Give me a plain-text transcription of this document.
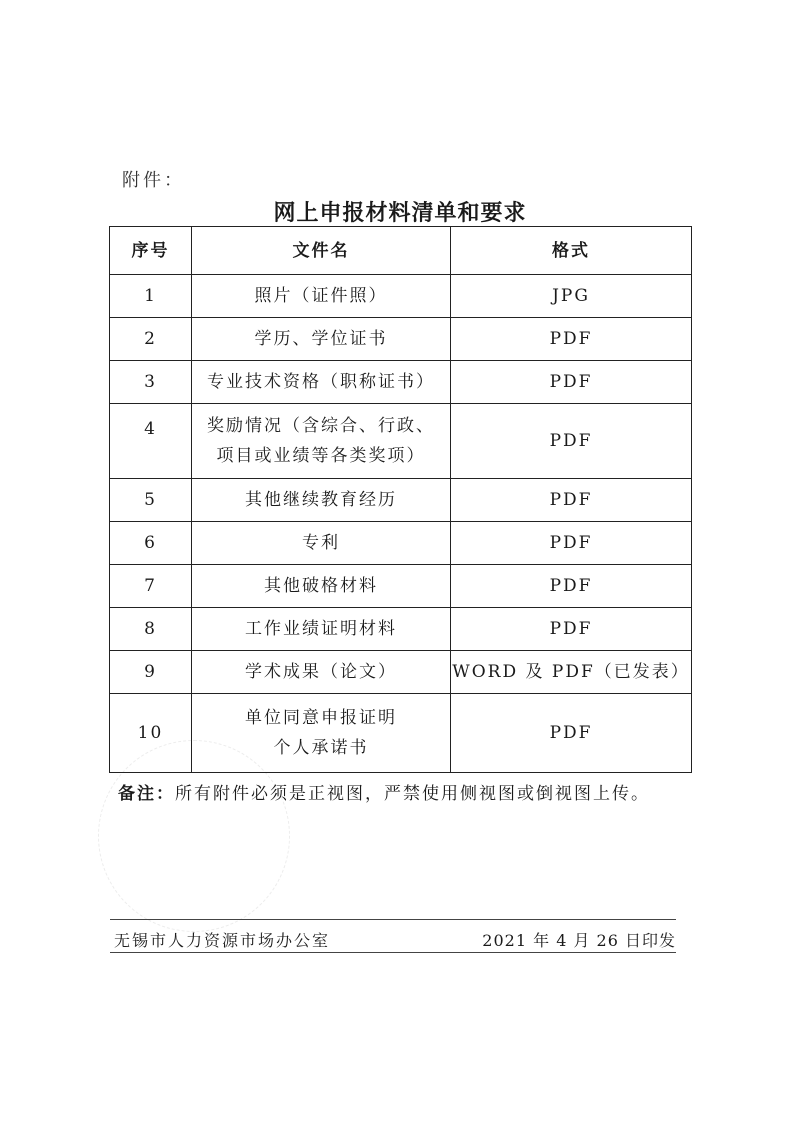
附件：
网上申报材料清单和要求
序号	文件名	格式
1	照片（证件照）	JPG
2	学历、学位证书	PDF
3	专业技术资格（职称证书）	PDF
4	奖励情况（含综合、行政、
项目或业绩等各类奖项）	PDF
5	其他继续教育经历	PDF
6	专利	PDF
7	其他破格材料	PDF
8	工作业绩证明材料	PDF
9	学术成果（论文）	WORD 及 PDF（已发表）
10	单位同意申报证明
个人承诺书	PDF
备注：所有附件必须是正视图，严禁使用侧视图或倒视图上传。
无锡市人力资源市场办公室	2021 年 4 月 26 日印发
